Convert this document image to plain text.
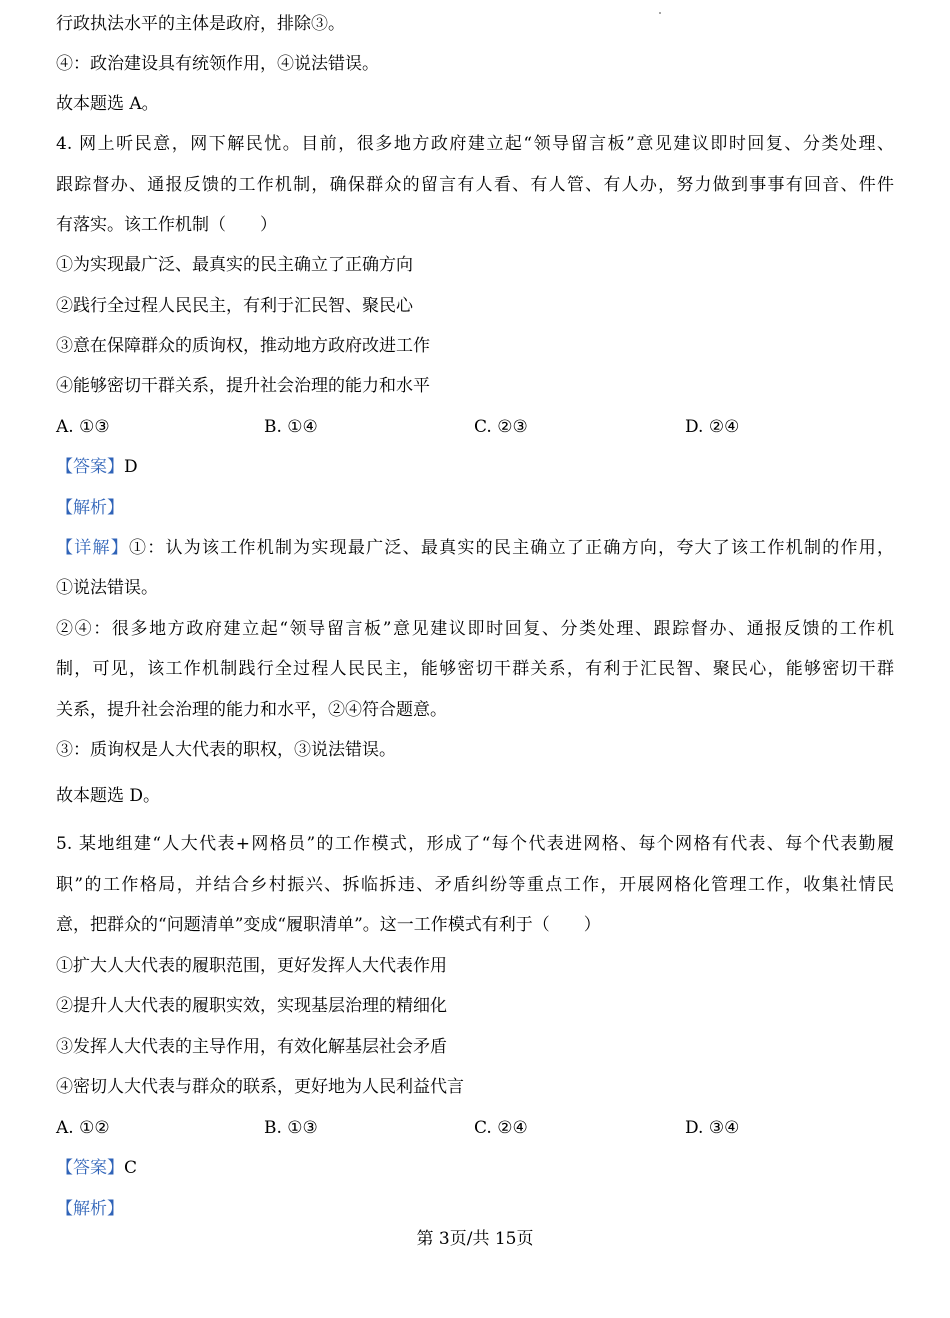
行政执法水平的主体是政府，排除③。
④：政治建设具有统领作用，④说法错误。
故本题选 A。
4. 网上听民意，网下解民忧。目前，很多地方政府建立起“领导留言板”意见建议即时回复、分类处理、
跟踪督办、通报反馈的工作机制，确保群众的留言有人看、有人管、有人办，努力做到事事有回音、件件
有落实。该工作机制（　　）
①为实现最广泛、最真实的民主确立了正确方向
②践行全过程人民民主，有利于汇民智、聚民心
③意在保障群众的质询权，推动地方政府改进工作
④能够密切干群关系，提升社会治理的能力和水平
A. ①③	B. ①④	C. ②③	D. ②④
【答案】D
【解析】
【详解】①：认为该工作机制为实现最广泛、最真实的民主确立了正确方向，夸大了该工作机制的作用，
①说法错误。
②④：很多地方政府建立起“领导留言板”意见建议即时回复、分类处理、跟踪督办、通报反馈的工作机
制，可见，该工作机制践行全过程人民民主，能够密切干群关系，有利于汇民智、聚民心，能够密切干群
关系，提升社会治理的能力和水平，②④符合题意。
③：质询权是人大代表的职权，③说法错误。
故本题选 D。
5. 某地组建“人大代表+网格员”的工作模式，形成了“每个代表进网格、每个网格有代表、每个代表勤履
职”的工作格局，并结合乡村振兴、拆临拆违、矛盾纠纷等重点工作，开展网格化管理工作，收集社情民
意，把群众的“问题清单”变成“履职清单”。这一工作模式有利于（　　）
①扩大人大代表的履职范围，更好发挥人大代表作用
②提升人大代表的履职实效，实现基层治理的精细化
③发挥人大代表的主导作用，有效化解基层社会矛盾
④密切人大代表与群众的联系，更好地为人民利益代言
A. ①②	B. ①③	C. ②④	D. ③④
【答案】C
【解析】
第 3页/共 15页
